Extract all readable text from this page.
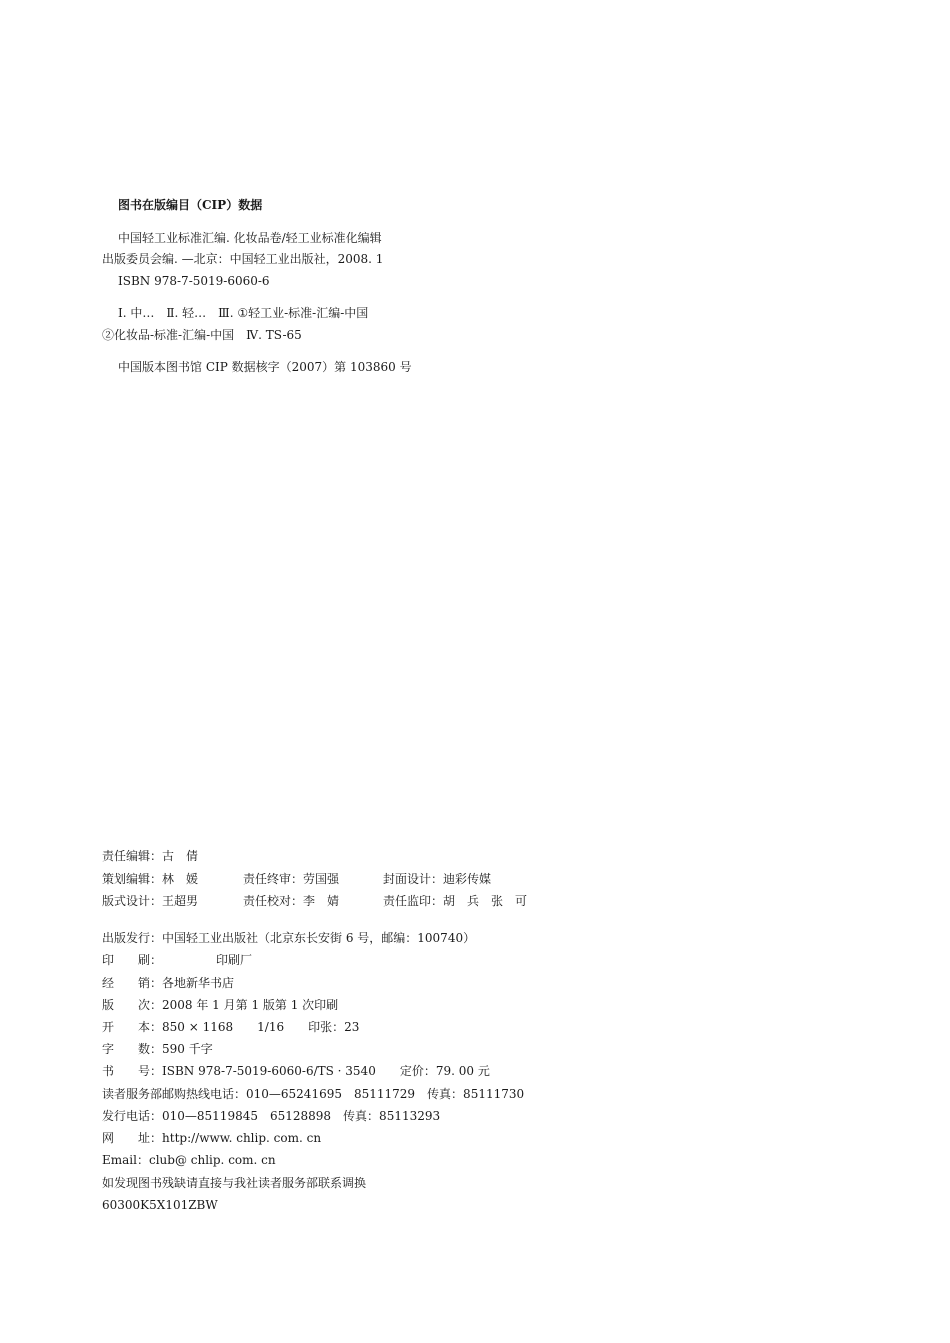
图书在版编目（CIP）数据
中国轻工业标准汇编. 化妆品卷/轻工业标准化编辑
出版委员会编. —北京：中国轻工业出版社，2008. 1
ISBN 978-7-5019-6060-6
Ⅰ. 中…　Ⅱ. 轻…　Ⅲ. ①轻工业-标准-汇编-中国
②化妆品-标准-汇编-中国　Ⅳ. TS-65
中国版本图书馆 CIP 数据核字（2007）第 103860 号
责任编辑：古　倩
策划编辑：林　媛	责任终审：劳国强	封面设计：迪彩传媒
版式设计：王超男	责任校对：李　婧	责任监印：胡　兵　张　可
出版发行：中国轻工业出版社（北京东长安街 6 号，邮编：100740）
印　　刷：　　　　　印刷厂
经　　销：各地新华书店
版　　次：2008 年 1 月第 1 版第 1 次印刷
开　　本：850 × 1168　　1/16 印张：23
字　　数：590 千字
书　　号：ISBN 978-7-5019-6060-6/TS · 3540 定价：79. 00 元
读者服务部邮购热线电话：010—65241695　85111729　传真：85111730
发行电话：010—85119845　65128898　传真：85113293
网　　址：http://www. chlip. com. cn
Email：club@ chlip. com. cn
如发现图书残缺请直接与我社读者服务部联系调换
60300K5X101ZBW
